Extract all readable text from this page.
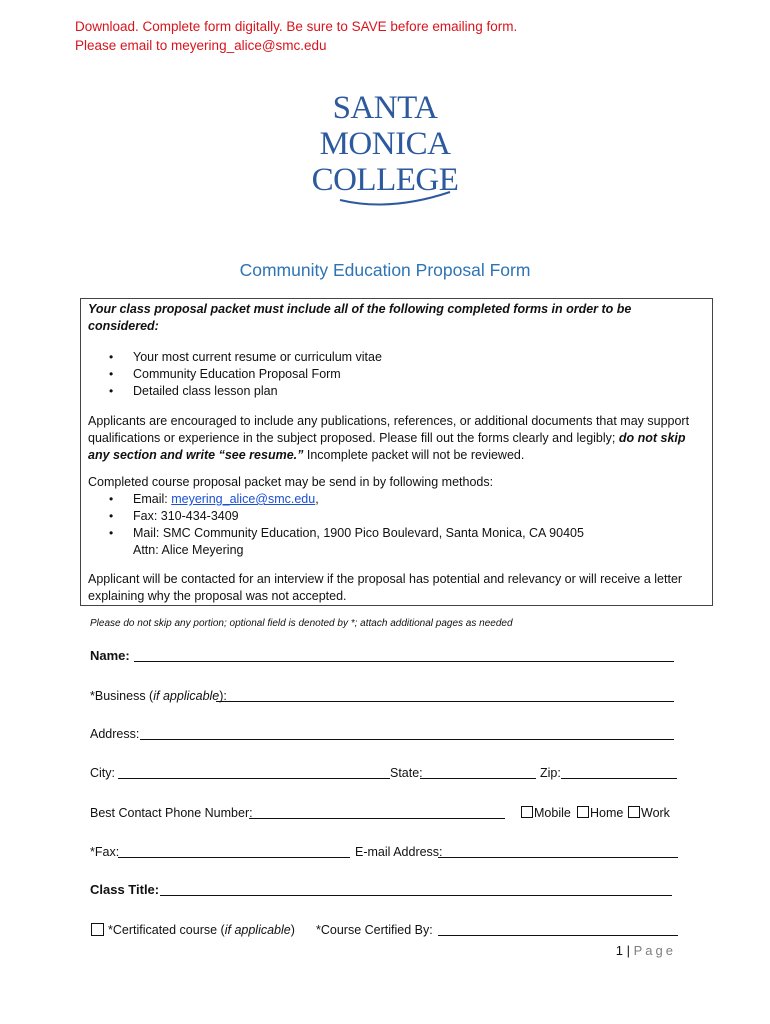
Download. Complete form digitally. Be sure to SAVE before emailing form.
Please email to meyering_alice@smc.edu
SANTA
MONICA
COLLEGE
Community Education Proposal Form
Your class proposal packet must include all of the following completed forms in order to be
considered:
• Your most current resume or curriculum vitae
• Community Education Proposal Form
• Detailed class lesson plan
Applicants are encouraged to include any publications, references, or additional documents that may support
qualifications or experience in the subject proposed. Please fill out the forms clearly and legibly; do not skip
any section and write “see resume.” Incomplete packet will not be reviewed.
Completed course proposal packet may be send in by following methods:
• Email: meyering_alice@smc.edu,
• Fax: 310-434-3409
• Mail: SMC Community Education, 1900 Pico Boulevard, Santa Monica, CA 90405
Attn: Alice Meyering
Applicant will be contacted for an interview if the proposal has potential and relevancy or will receive a letter
explaining why the proposal was not accepted.
Please do not skip any portion; optional field is denoted by *; attach additional pages as needed
Name:
*Business (if applicable):
Address:
City:	State:	Zip:
Best Contact Phone Number:	Mobile Home Work
*Fax:	E-mail Address:
Class Title:
*Certificated course (if applicable) *Course Certified By:
1 | Page
